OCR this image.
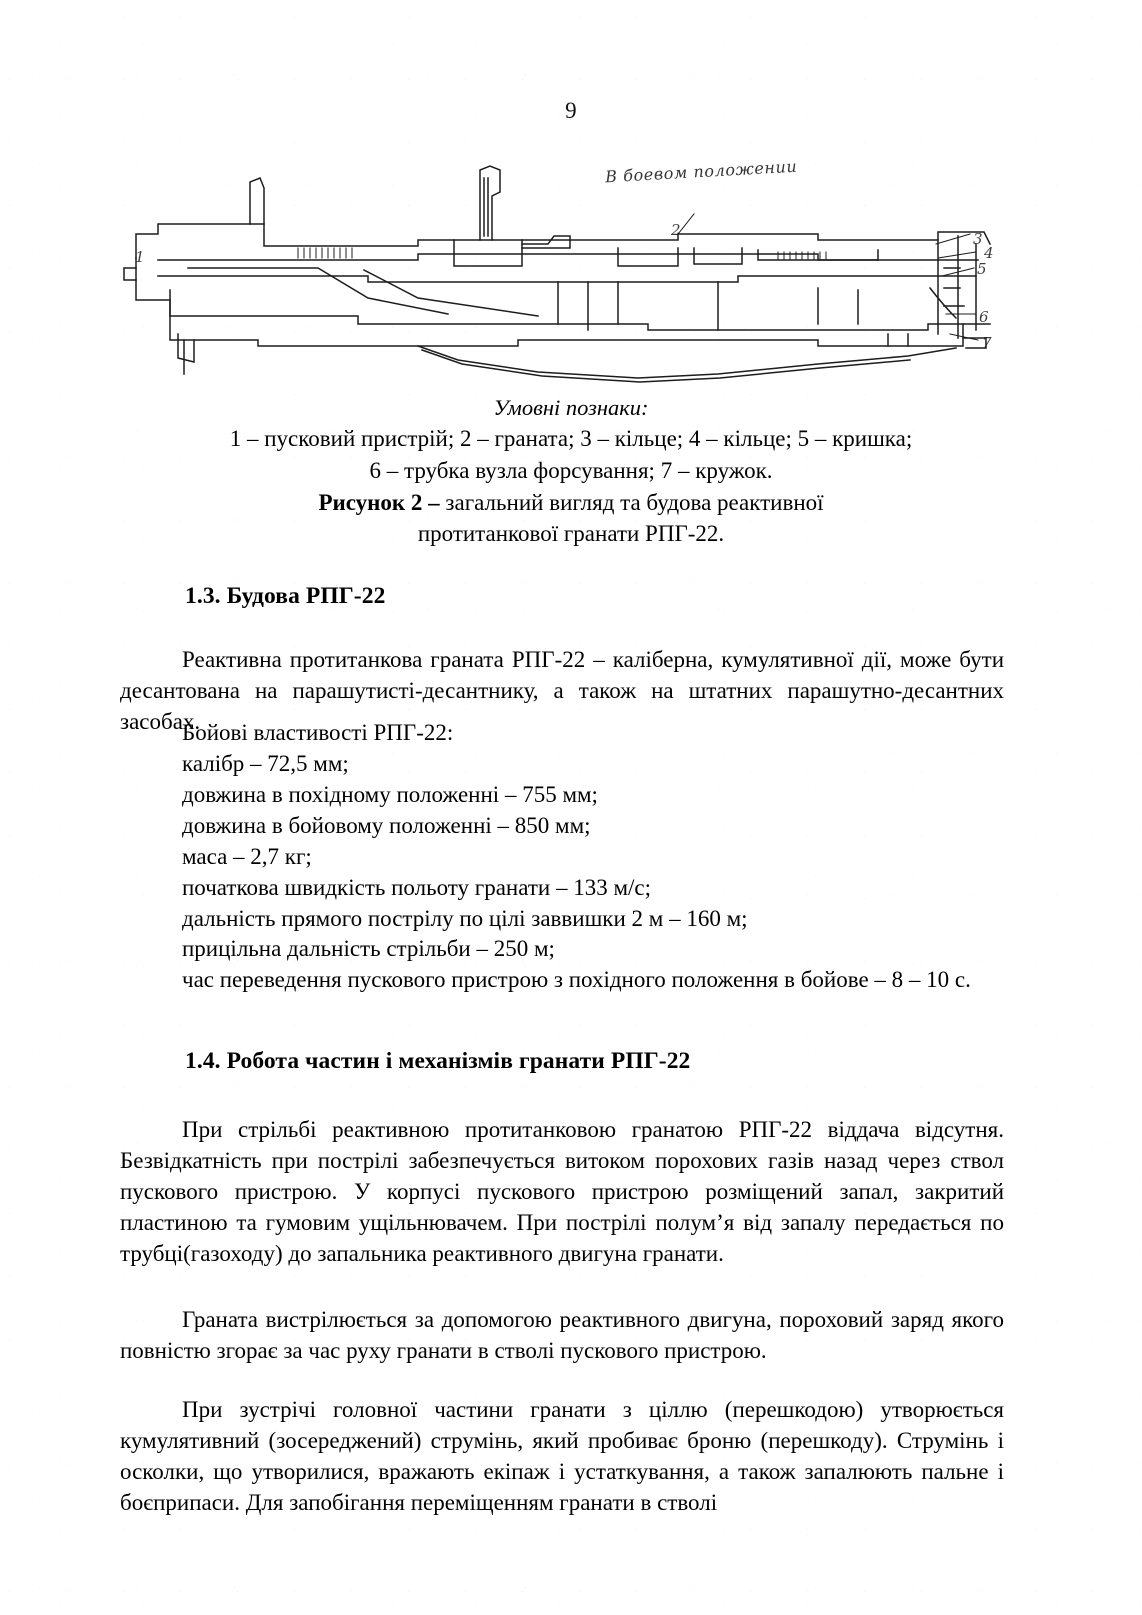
9
В боевом положении
1
2	3
4
5
6
7
Умовні познаки:
1 – пусковий пристрій; 2 – граната; 3 – кільце; 4 – кільце; 5 – кришка;
6 – трубка вузла форсування; 7 – кружок.
Рисунок 2 – загальний вигляд та будова реактивної
протитанкової гранати РПГ-22.
1.3. Будова РПГ-22

Реактивна протитанкова граната РПГ-22 – каліберна, кумулятивної дії, може бути десантована на парашутисті-десантнику, а також на штатних парашутно-десантних засобах.

Бойові властивості РПГ-22:
калібр – 72,5 мм;
довжина в похідному положенні – 755 мм;
довжина в бойовому положенні – 850 мм;
маса – 2,7 кг;
початкова швидкість польоту гранати – 133 м/с;
дальність прямого пострілу по цілі заввишки 2 м – 160 м;
прицільна дальність стрільби – 250 м;
час переведення пускового пристрою з похідного положення в бойове – 8 – 10 с.
1.4. Робота частин і механізмів гранати РПГ-22

При стрільбі реактивною протитанковою гранатою РПГ-22 віддача відсутня. Безвідкатність при пострілі забезпечується витоком порохових газів назад через ствол пускового пристрою. У корпусі пускового пристрою розміщений запал, закритий пластиною та гумовим ущільнювачем. При пострілі полум’я від запалу передається по трубці(газоходу) до запальника реактивного двигуна гранати.

Граната вистрілюється за допомогою реактивного двигуна, пороховий заряд якого повністю згорає за час руху гранати в стволі пускового пристрою.

При зустрічі головної частини гранати з ціллю (перешкодою) утворюється кумулятивний (зосереджений) струмінь, який пробиває броню (перешкоду). Струмінь і осколки, що утворилися, вражають екіпаж і устаткування, а також запалюють пальне і боєприпаси. Для запобігання переміщенням гранати в стволі
